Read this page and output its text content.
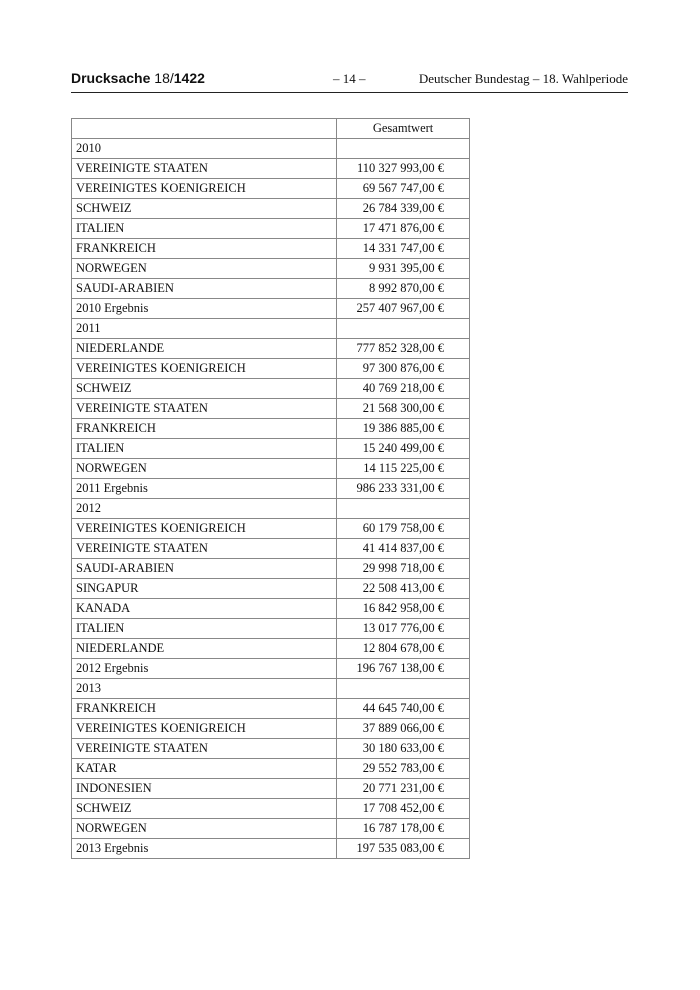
Drucksache 18/1422	– 14 –	Deutscher Bundestag – 18. Wahlperiode
	Gesamtwert
2010	
VEREINIGTE STAATEN	110 327 993,00 €
VEREINIGTES KOENIGREICH	69 567 747,00 €
SCHWEIZ	26 784 339,00 €
ITALIEN	17 471 876,00 €
FRANKREICH	14 331 747,00 €
NORWEGEN	9 931 395,00 €
SAUDI-ARABIEN	8 992 870,00 €
2010 Ergebnis	257 407 967,00 €
2011	
NIEDERLANDE	777 852 328,00 €
VEREINIGTES KOENIGREICH	97 300 876,00 €
SCHWEIZ	40 769 218,00 €
VEREINIGTE STAATEN	21 568 300,00 €
FRANKREICH	19 386 885,00 €
ITALIEN	15 240 499,00 €
NORWEGEN	14 115 225,00 €
2011 Ergebnis	986 233 331,00 €
2012	
VEREINIGTES KOENIGREICH	60 179 758,00 €
VEREINIGTE STAATEN	41 414 837,00 €
SAUDI-ARABIEN	29 998 718,00 €
SINGAPUR	22 508 413,00 €
KANADA	16 842 958,00 €
ITALIEN	13 017 776,00 €
NIEDERLANDE	12 804 678,00 €
2012 Ergebnis	196 767 138,00 €
2013	
FRANKREICH	44 645 740,00 €
VEREINIGTES KOENIGREICH	37 889 066,00 €
VEREINIGTE STAATEN	30 180 633,00 €
KATAR	29 552 783,00 €
INDONESIEN	20 771 231,00 €
SCHWEIZ	17 708 452,00 €
NORWEGEN	16 787 178,00 €
2013 Ergebnis	197 535 083,00 €
